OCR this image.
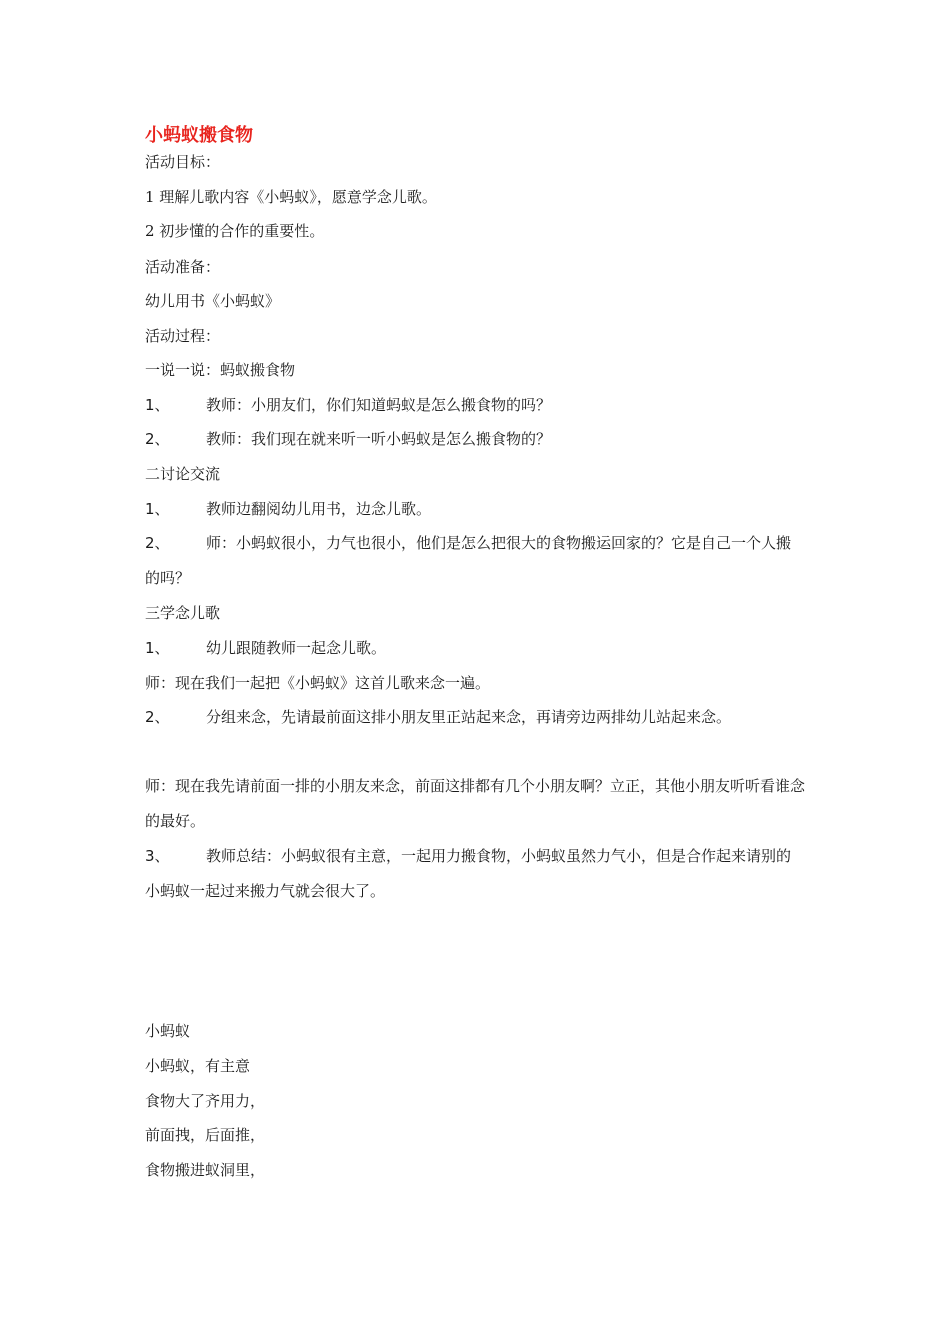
小蚂蚁搬食物
活动目标：
1 理解儿歌内容《小蚂蚁》，愿意学念儿歌。
2 初步懂的合作的重要性。
活动准备：
幼儿用书《小蚂蚁》
活动过程：
一说一说：蚂蚁搬食物
1、 教师：小朋友们，你们知道蚂蚁是怎么搬食物的吗？
2、 教师：我们现在就来听一听小蚂蚁是怎么搬食物的？
二讨论交流
1、 教师边翻阅幼儿用书，边念儿歌。
2、 师：小蚂蚁很小，力气也很小，他们是怎么把很大的食物搬运回家的？它是自己一个人搬的吗？
三学念儿歌
1、 幼儿跟随教师一起念儿歌。
师：现在我们一起把《小蚂蚁》这首儿歌来念一遍。
2、 分组来念，先请最前面这排小朋友里正站起来念，再请旁边两排幼儿站起来念。
师：现在我先请前面一排的小朋友来念，前面这排都有几个小朋友啊？立正，其他小朋友听听看谁念的最好。
3、 教师总结：小蚂蚁很有主意，一起用力搬食物，小蚂蚁虽然力气小，但是合作起来请别的小蚂蚁一起过来搬力气就会很大了。
小蚂蚁
小蚂蚁，有主意
食物大了齐用力，
前面拽，后面推，
食物搬进蚁洞里，
